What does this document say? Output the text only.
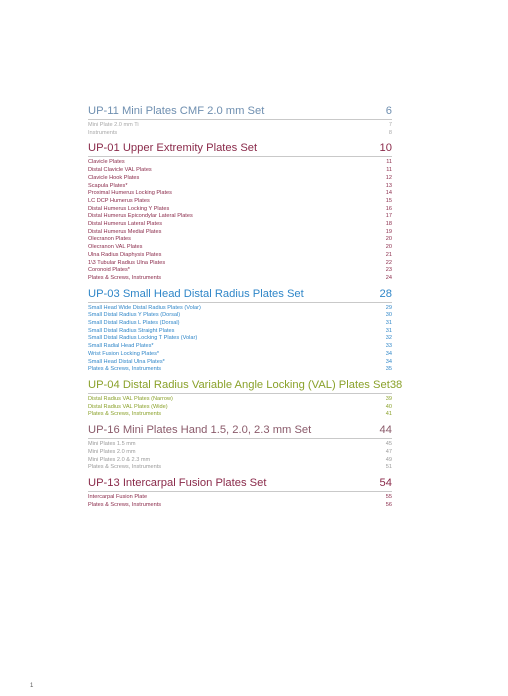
UP-11 Mini Plates CMF 2.0 mm Set	6
Mini Plate 2.0 mm Ti	7
Instruments	8
UP-01 Upper Extremity Plates Set	10
Clavicle Plates	11
Distal Clavicle VAL Plates	11
Clavicle Hook Plates	12
Scapula Plates*	13
Proximal Humerus Locking Plates	14
LC DCP Humerus Plates	15
Distal Humerus Locking Y Plates	16
Distal Humerus Epicondylar Lateral Plates	17
Distal Humerus Lateral Plates	18
Distal Humerus Medial Plates	19
Olecranon Plates	20
Olecranon VAL Plates	20
Ulna Radius Diaphysis Plates	21
1\3 Tubular Radius Ulna Plates	22
Coronoid Plates*	23
Plates & Screws, Instruments	24
UP-03 Small Head Distal Radius Plates Set	28
Small Head Wide Distal Radius Plates (Volar)	29
Small Distal Radius Y Plates (Dorsal)	30
Small Distal Radius L Plates (Dorsal)	31
Small Distal Radius Straight Plates	31
Small Distal Radius Locking T Plates (Volar)	32
Small Radial Head Plates*	33
Wrist Fusion Locking Plates*	34
Small Head Distal Ulna Plates*	34
Plates & Screws, Instruments	35
UP-04 Distal Radius Variable Angle Locking (VAL) Plates Set 38
Distal Radius VAL Plates (Narrow)	39
Distal Radius VAL Plates (Wide)	40
Plates & Screws, Instruments	41
UP-16 Mini Plates Hand 1.5, 2.0, 2.3 mm Set	44
Mini Plates 1.5 mm	45
Mini Plates 2.0 mm	47
Mini Plates 2.0 & 2.3 mm	49
Plates & Screws, Instruments	51
UP-13 Intercarpal Fusion Plates Set	54
Intercarpal Fusion Plate	55
Plates & Screws, Instruments	56
1
